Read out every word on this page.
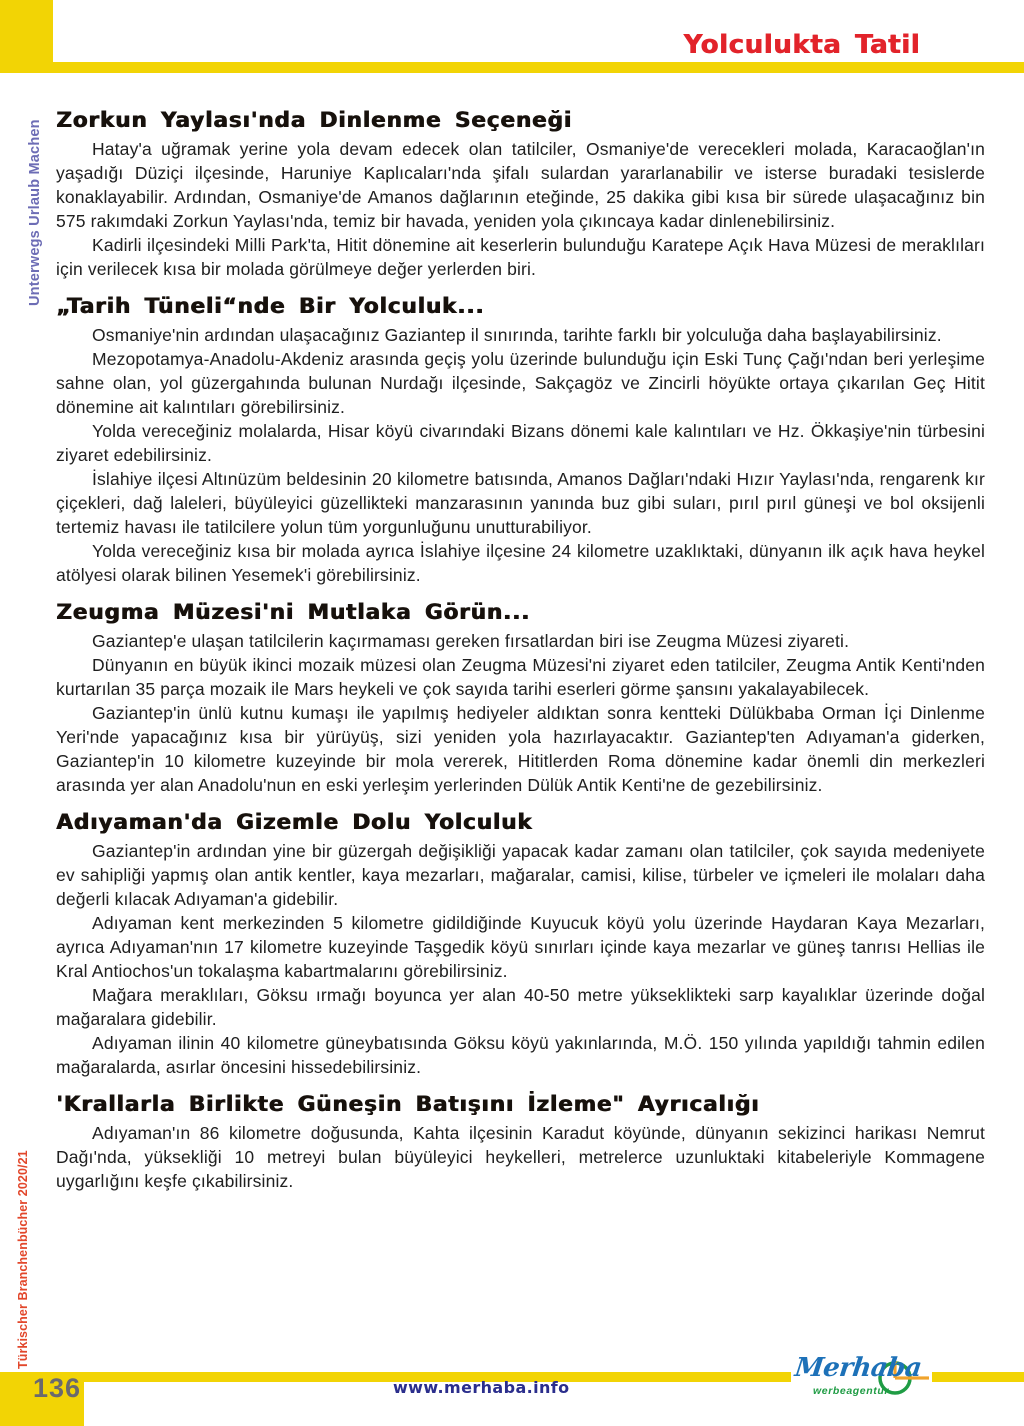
Yolculukta Tatil
Unterwegs Urlaub Machen
Türkischer Branchenbücher 2020/21
Zorkun Yaylası'nda Dinlenme Seçeneği

Hatay'a uğramak yerine yola devam edecek olan tatilciler, Osmaniye'de verecekleri molada, Karacaoğlan'ın yaşadığı Düziçi ilçesinde, Haruniye Kaplıcaları'nda şifalı sulardan yararlanabilir ve isterse buradaki tesislerde konaklayabilir. Ardından, Osmaniye'de Amanos dağlarının eteğinde, 25 dakika gibi kısa bir sürede ulaşacağınız bin 575 rakımdaki Zorkun Yaylası'nda, temiz bir havada, yeniden yola çıkıncaya kadar dinlenebilirsiniz.

Kadirli ilçesindeki Milli Park'ta, Hitit dönemine ait keserlerin bulunduğu Karatepe Açık Hava Müzesi de meraklıları için verilecek kısa bir molada görülmeye değer yerlerden biri.

„Tarih Tüneli“nde Bir Yolculuk...

Osmaniye'nin ardından ulaşacağınız Gaziantep il sınırında, tarihte farklı bir yolculuğa daha başlayabilirsiniz.

Mezopotamya-Anadolu-Akdeniz arasında geçiş yolu üzerinde bulunduğu için Eski Tunç Çağı'ndan beri yerleşime sahne olan, yol güzergahında bulunan Nurdağı ilçesinde, Sakçagöz ve Zincirli höyükte ortaya çıkarılan Geç Hitit dönemine ait kalıntıları görebilirsiniz.

Yolda vereceğiniz molalarda, Hisar köyü civarındaki Bizans dönemi kale kalıntıları ve Hz. Ökkaşiye'nin türbesini ziyaret edebilirsiniz.

İslahiye ilçesi Altınüzüm beldesinin 20 kilometre batısında, Amanos Dağları'ndaki Hızır Yaylası'nda, rengarenk kır çiçekleri, dağ laleleri, büyüleyici güzellikteki manzarasının yanında buz gibi suları, pırıl pırıl güneşi ve bol oksijenli tertemiz havası ile tatilcilere yolun tüm yorgunluğunu unutturabiliyor.

Yolda vereceğiniz kısa bir molada ayrıca İslahiye ilçesine 24 kilometre uzaklıktaki, dünyanın ilk açık hava heykel atölyesi olarak bilinen Yesemek'i görebilirsiniz.

Zeugma Müzesi'ni Mutlaka Görün...

Gaziantep'e ulaşan tatilcilerin kaçırmaması gereken fırsatlardan biri ise Zeugma Müzesi ziyareti.

Dünyanın en büyük ikinci mozaik müzesi olan Zeugma Müzesi'ni ziyaret eden tatilciler, Zeugma Antik Kenti'nden kurtarılan 35 parça mozaik ile Mars heykeli ve çok sayıda tarihi eserleri görme şansını yakalayabilecek.

Gaziantep'in ünlü kutnu kumaşı ile yapılmış hediyeler aldıktan sonra kentteki Dülükbaba Orman İçi Dinlenme Yeri'nde yapacağınız kısa bir yürüyüş, sizi yeniden yola hazırlayacaktır. Gaziantep'ten Adıyaman'a giderken, Gaziantep'in 10 kilometre kuzeyinde bir mola vererek, Hititlerden Roma dönemine kadar önemli din merkezleri arasında yer alan Anadolu'nun en eski yerleşim yerlerinden Dülük Antik Kenti'ne de gezebilirsiniz.

Adıyaman'da Gizemle Dolu Yolculuk

Gaziantep'in ardından yine bir güzergah değişikliği yapacak kadar zamanı olan tatilciler, çok sayıda medeniyete ev sahipliği yapmış olan antik kentler, kaya mezarları, mağaralar, camisi, kilise, türbeler ve içmeleri ile molaları daha değerli kılacak Adıyaman'a gidebilir.

Adıyaman kent merkezinden 5 kilometre gidildiğinde Kuyucuk köyü yolu üzerinde Haydaran Kaya Mezarları, ayrıca Adıyaman'nın 17 kilometre kuzeyinde Taşgedik köyü sınırları içinde kaya mezarlar ve güneş tanrısı Hellias ile Kral Antiochos'un tokalaşma kabartmalarını görebilirsiniz.

Mağara meraklıları, Göksu ırmağı boyunca yer alan 40-50 metre yükseklikteki sarp kayalıklar üzerinde doğal mağaralara gidebilir.

Adıyaman ilinin 40 kilometre güneybatısında Göksu köyü yakınlarında, M.Ö. 150 yılında yapıldığı tahmin edilen mağaralarda, asırlar öncesini hissedebilirsiniz.

'Krallarla Birlikte Güneşin Batışını İzleme" Ayrıcalığı

Adıyaman'ın 86 kilometre doğusunda, Kahta ilçesinin Karadut köyünde, dünyanın sekizinci harikası Nemrut Dağı'nda, yüksekliği 10 metreyi bulan büyüleyici heykelleri, metrelerce uzunluktaki kitabeleriyle Kommagene uygarlığını keşfe çıkabilirsiniz.

136	www.merhaba.info
Merhaba
werbeagentur
